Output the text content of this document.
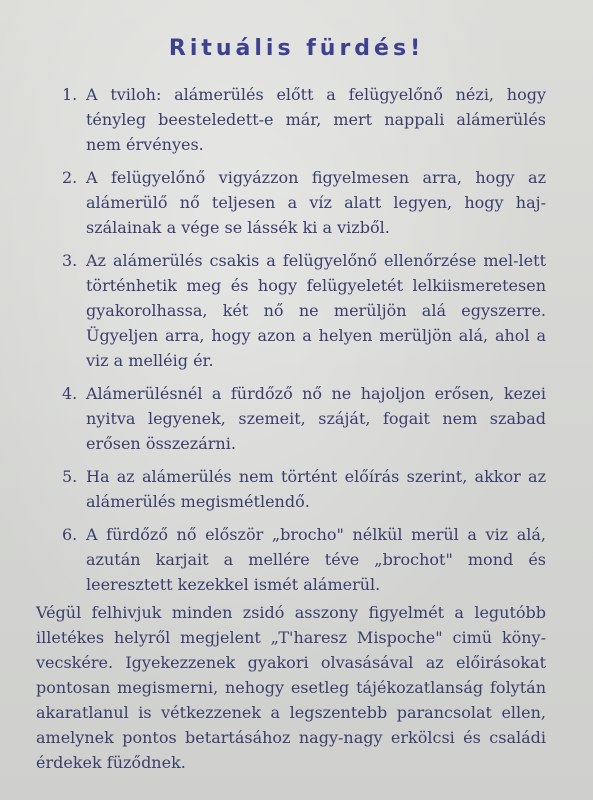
Rituális fürdés!
1. A tviloh: alámerülés előtt a felügyelőnő nézi, hogy tényleg beesteledett-e már, mert nappali alámerülés nem érvényes.
2. A felügyelőnő vigyázzon figyelmesen arra, hogy az alámerülő nő teljesen a víz alatt legyen, hogy haj-szálainak a vége se lássék ki a vizből.
3. Az alámerülés csakis a felügyelőnő ellenőrzése mel-lett történhetik meg és hogy felügyeletét lelkiismeretesen gyakorolhassa, két nő ne merüljön alá egyszerre. Ügyeljen arra, hogy azon a helyen merüljön alá, ahol a viz a melléig ér.
4. Alámerülésnél a fürdőző nő ne hajoljon erősen, kezei nyitva legyenek, szemeit, száját, fogait nem szabad erősen összezárni.
5. Ha az alámerülés nem történt előírás szerint, akkor az alámerülés megismétlendő.
6. A fürdőző nő először „brocho" nélkül merül a viz alá, azután karjait a mellére téve „brochot" mond és leeresztett kezekkel ismét alámerül.

Végül felhivjuk minden zsidó asszony figyelmét a legutóbb illetékes helyről megjelent „T'haresz Mispoche" cimü köny-vecskére. Igyekezzenek gyakori olvasásával az előirásokat pontosan megismerni, nehogy esetleg tájékozatlanság folytán akaratlanul is vétkezzenek a legszentebb parancsolat ellen, amelynek pontos betartásához nagy-nagy erkölcsi és családi érdekek füződnek.
